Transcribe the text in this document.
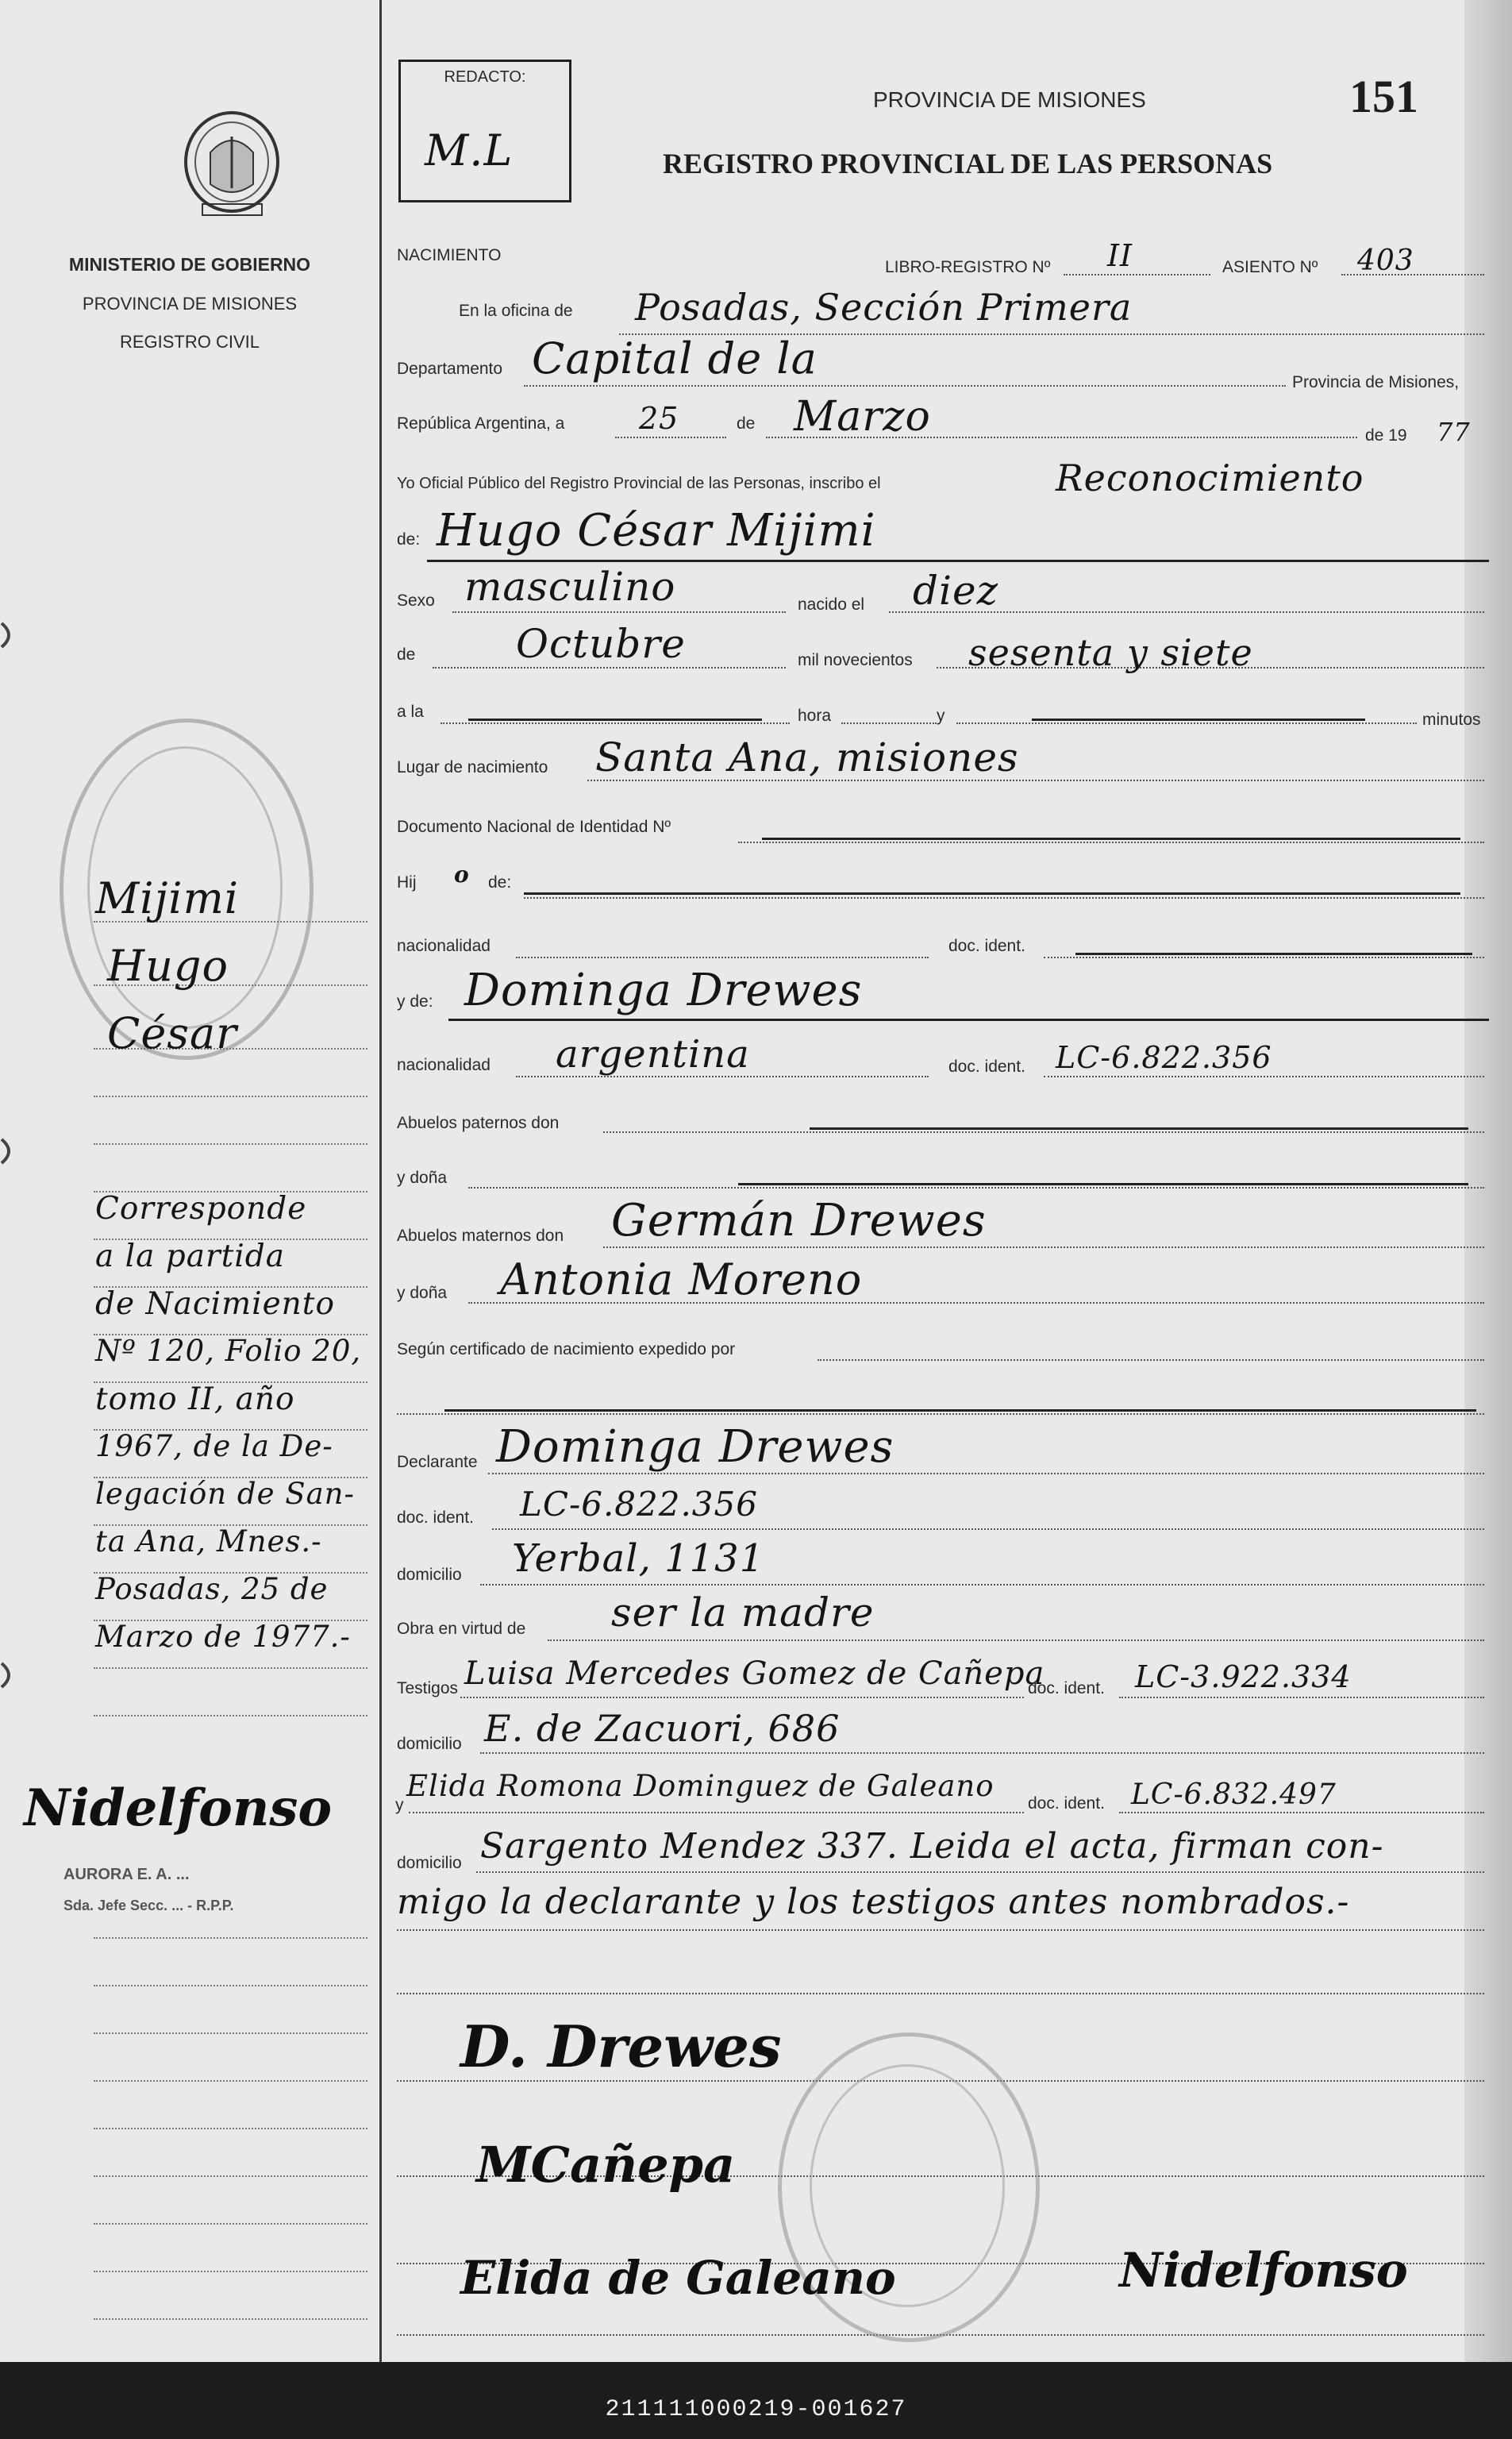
MINISTERIO DE GOBIERNO
PROVINCIA DE MISIONES
REGISTRO CIVIL
Mijimi
Hugo
César
Corresponde
a la partida
de Nacimiento
Nº 120, Folio 20,
tomo II, año
1967, de la De-
legación de San-
ta Ana, Mnes.-
Posadas, 25 de
Marzo de 1977.-
Nidelfonso
AURORA E. A. ...
Sda. Jefe Secc. ... - R.P.P.
REDACTO:
M.L
PROVINCIA DE MISIONES
REGISTRO PROVINCIAL DE LAS PERSONAS
151
NACIMIENTO
LIBRO-REGISTRO Nº II	ASIENTO Nº 403
En la oficina de Posadas, Sección Primera
Departamento Capital de la	Provincia de Misiones,
República Argentina, a 25	de Marzo	de 19 77
Yo Oficial Público del Registro Provincial de las Personas, inscribo el	Reconocimiento
de: Hugo César Mijimi
Sexo masculino	nacido el diez
de	Octubre	mil novecientos sesenta y siete
a la	hora	y	minutos
Lugar de nacimiento Santa Ana, misiones
Documento Nacional de Identidad Nº
Hij o de:
nacionalidad	doc. ident.
y de: Dominga Drewes
nacionalidad argentina	doc. ident. LC-6.822.356
Abuelos paternos don
y doña
Abuelos maternos don Germán Drewes
y doña Antonia Moreno
Según certificado de nacimiento expedido por
Declarante Dominga Drewes
doc. ident. LC-6.822.356
domicilio Yerbal, 1131
Obra en virtud de ser la madre
Testigos Luisa Mercedes Gomez de Cañepa
doc. ident. LC-3.922.334
domicilio E. de Zacuori, 686
y
Elida Romona Dominguez de Galeano
doc. ident. LC-6.832.497
domicilio Sargento Mendez 337. Leida el acta, firman con-
migo la declarante y los testigos antes nombrados.-
D. Drewes
MCañepa
Elida de Galeano	Nidelfonso
211111000219-001627
